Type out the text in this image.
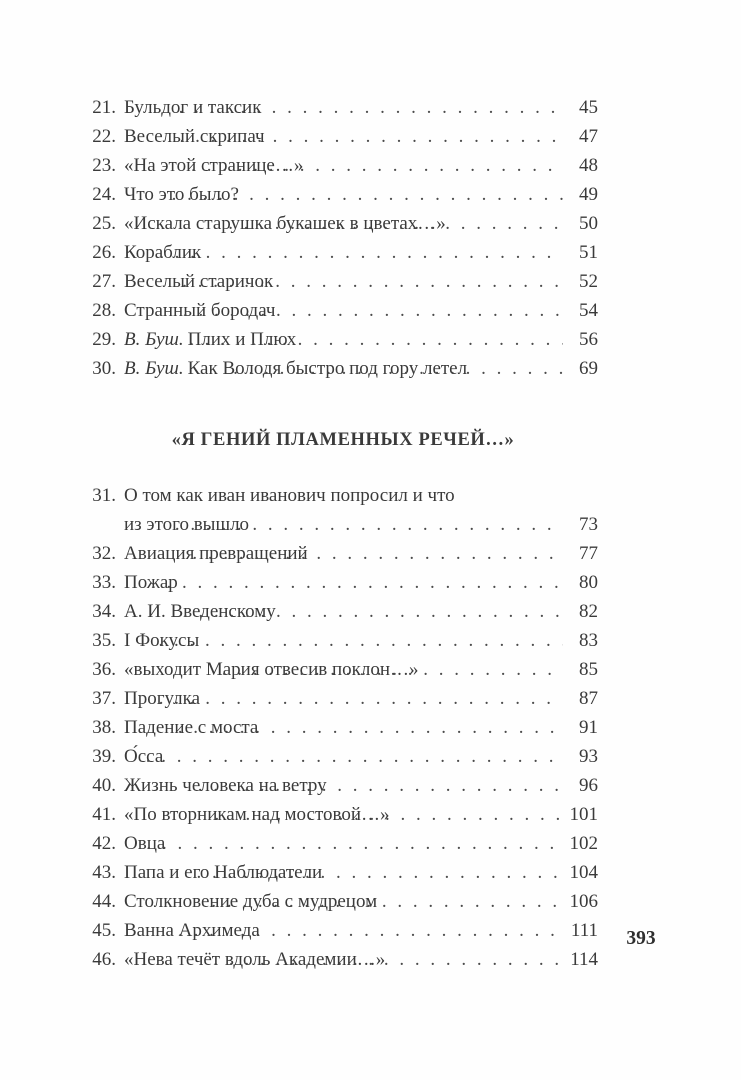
21. Бульдог и таксик . . .	45
22. Веселый скрипач . . .	47
23. «На этой странице…» . . .	48
24. Что это было? . . .	49
25. «Искала старушка букашек в цветах…» . . .	50
26. Кораблик . . .	51
27. Веселый старичок . . .	52
28. Странный бородач . . .	54
29. В. Буш. Плих и Плюх . . .	56
30. В. Буш. Как Володя быстро под гору летел . . .	69
«Я ГЕНИЙ ПЛАМЕННЫХ РЕЧЕЙ…»
31. О том как иван иванович попросил и что
из этого вышло . . .	73
32. Авиация превращений . . .	77
33. Пожар . . .	80
34. А. И. Введенскому . . .	82
35. I Фокусы . . .	83
36. «выходит Мария отвесив поклон…» . . .	85
37. Прогулка . . .	87
38. Падение с моста . . .	91
39. О́сса . . .	93
40. Жизнь человека на ветру . . .	96
41. «По вторникам над мостовой…» . . .	101
42. Овца . . .	102
43. Папа и его Наблюдатели . . .	104
44. Столкновение дуба с мудрецом . . .	106
45. Ванна Архимеда . . .	111
46. «Нева течёт вдоль Академии…» . . .	114
393
